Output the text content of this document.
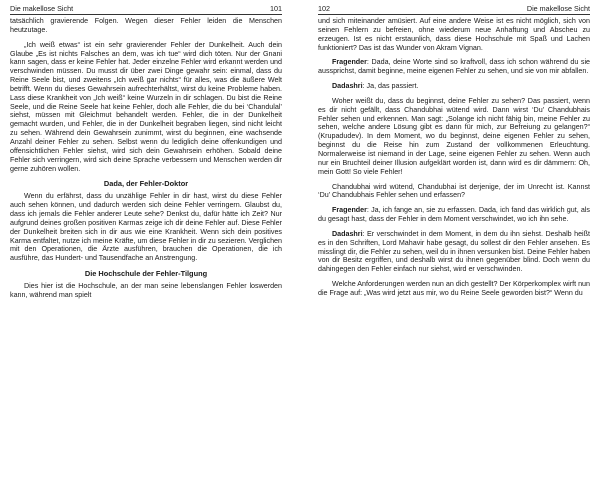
Die makellose Sicht	101

tatsächlich gravierende Folgen. Wegen dieser Fehler leiden die Menschen heutzutage.

„Ich weiß etwas“ ist ein sehr gravierender Fehler der Dunkelheit. Auch dein Glaube „Es ist nichts Falsches an dem, was ich tue“ wird dich töten. Nur der Gnani kann sagen, dass er keine Fehler hat. Jeder einzelne Fehler wird erkannt werden und verschwinden müssen. Du musst dir über zwei Dinge gewahr sein: einmal, dass du Reine Seele bist, und zweitens „Ich weiß gar nichts“ für alles, was die äußere Welt betrifft. Wenn du dieses Gewahrsein aufrechterhältst, wirst du keine Probleme haben. Lass diese Krankheit von „Ich weiß“ keine Wurzeln in dir schlagen. Du bist die Reine Seele, und die Reine Seele hat keine Fehler, doch alle Fehler, die du bei ‘Chandulal’ siehst, müssen mit Gleichmut behandelt werden. Fehler, die in der Dunkelheit gemacht wurden, und Fehler, die in der Dunkelheit begraben liegen, sind nicht leicht zu sehen. Während dein Gewahrsein zunimmt, wirst du beginnen, eine wachsende Anzahl deiner Fehler zu sehen. Selbst wenn du lediglich deine offenkundigen und offensichtlichen Fehler siehst, wird sich dein Gewahrsein erhöhen. Sobald deine Fehler sich verringern, wird sich deine Sprache verbessern und Menschen werden dir gerne zuhören wollen.

Dada, der Fehler-Doktor

Wenn du erfährst, dass du unzählige Fehler in dir hast, wirst du diese Fehler auch sehen können, und dadurch werden sich deine Fehler verringern. Glaubst du, dass ich jemals die Fehler anderer Leute sehe? Denkst du, dafür hätte ich Zeit? Nur aufgrund deines großen positiven Karmas zeige ich dir deine Fehler auf. Diese Fehler der Dunkelheit breiten sich in dir aus wie eine Krankheit. Wenn sich dein positives Karma entfaltet, nutze ich meine Kräfte, um diese Fehler in dir zu sezieren. Verglichen mit den Operationen, die Ärzte ausführen, brauchen die Operationen, die ich ausführe, das Hundert- und Tausendfache an Anstrengung.

Die Hochschule der Fehler-Tilgung

Dies hier ist die Hochschule, an der man seine lebenslangen Fehler loswerden kann, während man spielt

102	Die makellose Sicht

und sich miteinander amüsiert. Auf eine andere Weise ist es nicht möglich, sich von seinen Fehlern zu befreien, ohne wiederum neue Anhaftung und Abscheu zu erzeugen. Ist es nicht erstaunlich, dass diese Hochschule mit Spaß und Lachen funktioniert? Das ist das Wunder von Akram Vignan.

Fragender: Dada, deine Worte sind so kraftvoll, dass ich schon während du sie aussprichst, damit beginne, meine eigenen Fehler zu sehen, und sie von mir abfallen.

Dadashri: Ja, das passiert.

Woher weißt du, dass du beginnst, deine Fehler zu sehen? Das passiert, wenn es dir nicht gefällt, dass Chandubhai wütend wird. Dann wirst ‘Du’ Chandubhais Fehler sehen und erkennen. Man sagt: „Solange ich nicht fähig bin, meine Fehler zu sehen, welche andere Lösung gibt es dann für mich, zur Befreiung zu gelangen?“ (Krupadudev). In dem Moment, wo du beginnst, deine eigenen Fehler zu sehen, beginnst du die Reise hin zum Zustand der vollkommenen Erleuchtung. Normalerweise ist niemand in der Lage, seine eigenen Fehler zu sehen. Wenn auch nur ein Bruchteil deiner Illusion aufgeklärt worden ist, dann wird es dir dämmern: Oh, mein Gott! So viele Fehler!

Chandubhai wird wütend, Chandubhai ist derjenige, der im Unrecht ist. Kannst ‘Du’ Chandubhais Fehler sehen und erfassen?

Fragender: Ja, ich fange an, sie zu erfassen. Dada, ich fand das wirklich gut, als du gesagt hast, dass der Fehler in dem Moment verschwindet, wo ich ihn sehe.

Dadashri: Er verschwindet in dem Moment, in dem du ihn siehst. Deshalb heißt es in den Schriften, Lord Mahavir habe gesagt, du sollest dir den Fehler ansehen. Es misslingt dir, die Fehler zu sehen, weil du in ihnen versunken bist. Deine Fehler haben von dir Besitz ergriffen, und deshalb wirst du ihnen gegenüber blind. Doch wenn du dahingegen den Fehler einfach nur siehst, wird er verschwinden.

Welche Anforderungen werden nun an dich gestellt? Der Körperkomplex wirft nun die Frage auf: „Was wird jetzt aus mir, wo du Reine Seele geworden bist?“ Wenn du
